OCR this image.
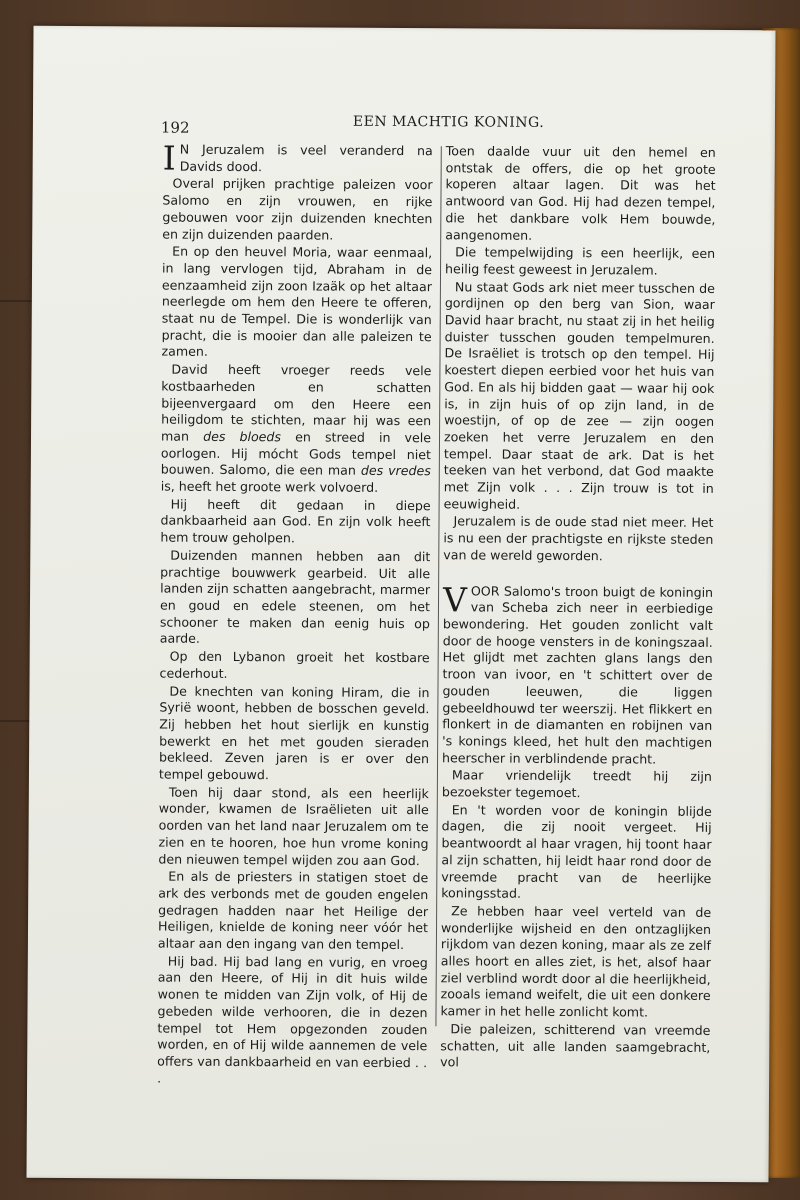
192	EEN MACHTIG KONING.

I N Jeruzalem is veel veranderd na Davids dood.

Overal prijken prachtige paleizen voor Salomo en zijn vrouwen, en rijke gebouwen voor zijn duizenden knechten en zijn duizenden paarden.

En op den heuvel Moria, waar eenmaal, in lang vervlogen tijd, Abraham in de eenzaamheid zijn zoon Izaäk op het altaar neerlegde om hem den Heere te offeren, staat nu de Tempel. Die is wonderlijk van pracht, die is mooier dan alle paleizen te zamen.

David heeft vroeger reeds vele kostbaarheden en schatten bijeenvergaard om den Heere een heiligdom te stichten, maar hij was een man des bloeds en streed in vele oorlogen. Hij mócht Gods tempel niet bouwen. Salomo, die een man des vredes is, heeft het groote werk volvoerd.

Hij heeft dit gedaan in diepe dankbaarheid aan God. En zijn volk heeft hem trouw geholpen.

Duizenden mannen hebben aan dit prachtige bouwwerk gearbeid. Uit alle landen zijn schatten aangebracht, marmer en goud en edele steenen, om het schooner te maken dan eenig huis op aarde.

Op den Lybanon groeit het kostbare cederhout.

De knechten van koning Hiram, die in Syrië woont, hebben de bosschen geveld. Zij hebben het hout sierlijk en kunstig bewerkt en het met gouden sieraden bekleed. Zeven jaren is er over den tempel gebouwd.

Toen hij daar stond, als een heerlijk wonder, kwamen de Israëlieten uit alle oorden van het land naar Jeruzalem om te zien en te hooren, hoe hun vrome koning den nieuwen tempel wijden zou aan God.

En als de priesters in statigen stoet de ark des verbonds met de gouden engelen gedragen hadden naar het Heilige der Heiligen, knielde de koning neer vóór het altaar aan den ingang van den tempel.

Hij bad. Hij bad lang en vurig, en vroeg aan den Heere, of Hij in dit huis wilde wonen te midden van Zijn volk, of Hij de gebeden wilde verhooren, die in dezen tempel tot Hem opgezonden zouden worden, en of Hij wilde aannemen de vele offers van dankbaarheid en van eerbied . . .

Toen daalde vuur uit den hemel en ontstak de offers, die op het groote koperen altaar lagen. Dit was het antwoord van God. Hij had dezen tempel, die het dankbare volk Hem bouwde, aangenomen.

Die tempelwijding is een heerlijk, een heilig feest geweest in Jeruzalem.

Nu staat Gods ark niet meer tusschen de gordijnen op den berg van Sion, waar David haar bracht, nu staat zij in het heilig duister tusschen gouden tempelmuren. De Israëliet is trotsch op den tempel. Hij koestert diepen eerbied voor het huis van God. En als hij bidden gaat — waar hij ook is, in zijn huis of op zijn land, in de woestijn, of op de zee — zijn oogen zoeken het verre Jeruzalem en den tempel. Daar staat de ark. Dat is het teeken van het verbond, dat God maakte met Zijn volk . . . Zijn trouw is tot in eeuwigheid.

Jeruzalem is de oude stad niet meer. Het is nu een der prachtigste en rijkste steden van de wereld geworden.

VOOR Salomo's troon buigt de koningin van Scheba zich neer in eerbiedige bewondering. Het gouden zonlicht valt door de hooge vensters in de koningszaal. Het glijdt met zachten glans langs den troon van ivoor, en 't schittert over de gouden leeuwen, die liggen gebeeldhouwd ter weerszij. Het flikkert en flonkert in de diamanten en robijnen van 's konings kleed, het hult den machtigen heerscher in verblindende pracht.

Maar vriendelijk treedt hij zijn bezoekster tegemoet.

En 't worden voor de koningin blijde dagen, die zij nooit vergeet. Hij beantwoordt al haar vragen, hij toont haar al zijn schatten, hij leidt haar rond door de vreemde pracht van de heerlijke koningsstad.

Ze hebben haar veel verteld van de wonderlijke wijsheid en den ontzaglijken rijkdom van dezen koning, maar als ze zelf alles hoort en alles ziet, is het, alsof haar ziel verblind wordt door al die heerlijkheid, zooals iemand weifelt, die uit een donkere kamer in het helle zonlicht komt.

Die paleizen, schitterend van vreemde schatten, uit alle landen saamgebracht, vol
